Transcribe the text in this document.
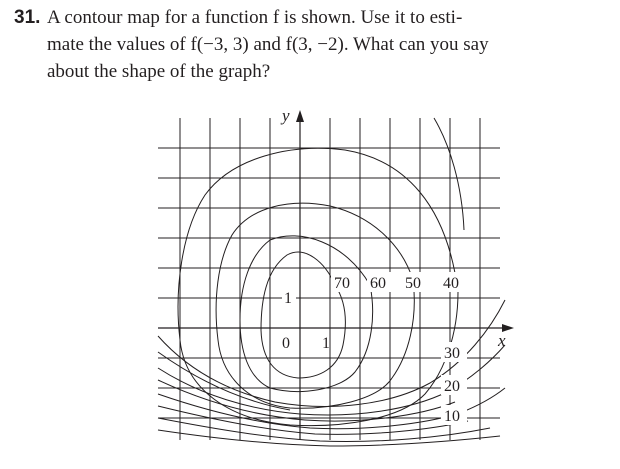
31. A contour map for a function f is shown. Use it to esti-
mate the values of f(−3, 3) and f(3, −2). What can you say
about the shape of the graph?
y
x
0 1
1
70 60 50 40
30
20
10
